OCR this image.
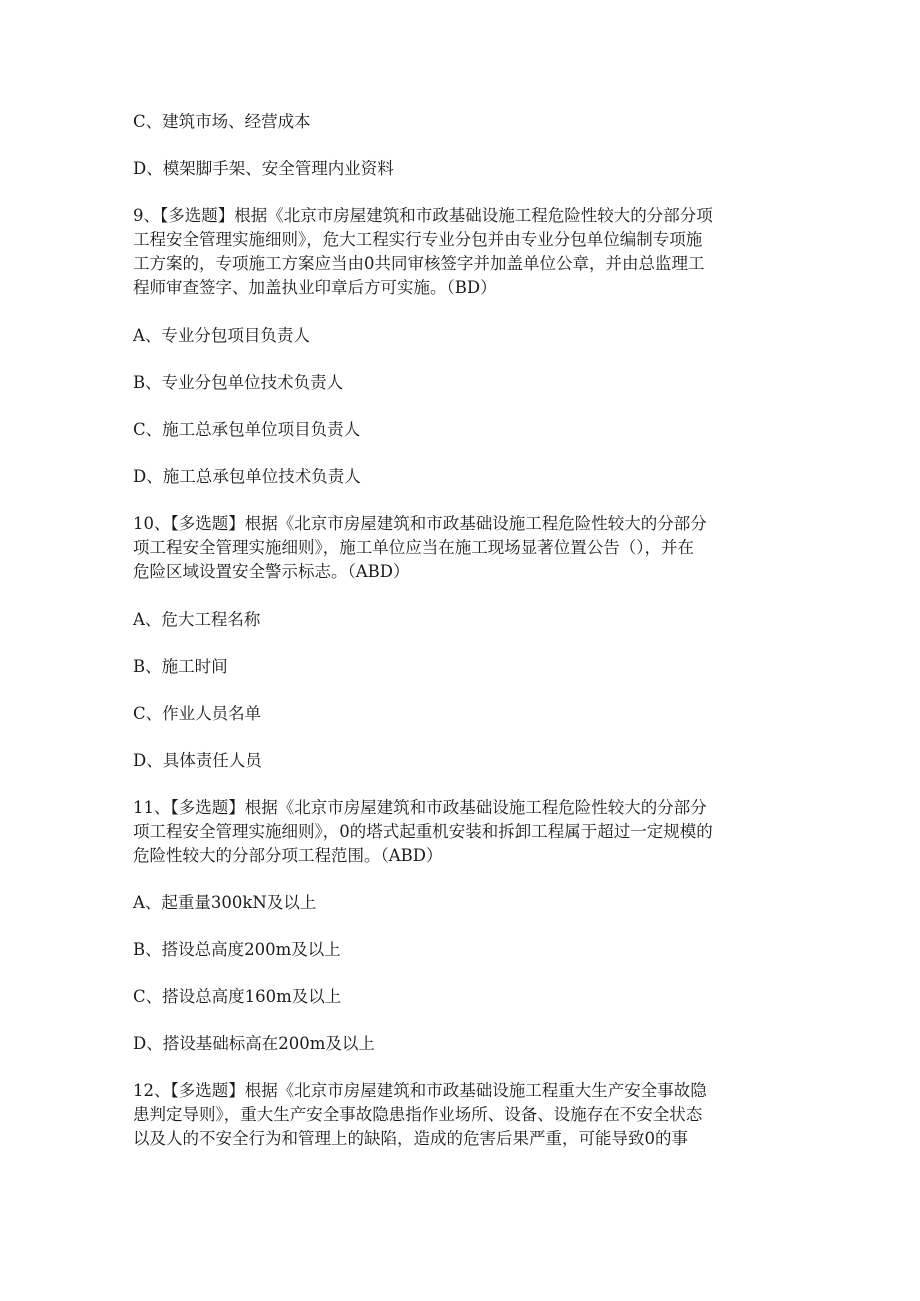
C、建筑市场、经营成本
D、模架脚手架、安全管理内业资料
9、【多选题】根据《北京市房屋建筑和市政基础设施工程危险性较大的分部分项
工程安全管理实施细则》，危大工程实行专业分包并由专业分包单位编制专项施
工方案的，专项施工方案应当由0共同审核签字并加盖单位公章，并由总监理工
程师审查签字、加盖执业印章后方可实施。（BD）
A、专业分包项目负责人
B、专业分包单位技术负责人
C、施工总承包单位项目负责人
D、施工总承包单位技术负责人
10、【多选题】根据《北京市房屋建筑和市政基础设施工程危险性较大的分部分
项工程安全管理实施细则》，施工单位应当在施工现场显著位置公告（），并在
危险区域设置安全警示标志。（ABD）
A、危大工程名称
B、施工时间
C、作业人员名单
D、具体责任人员
11、【多选题】根据《北京市房屋建筑和市政基础设施工程危险性较大的分部分
项工程安全管理实施细则》，0的塔式起重机安装和拆卸工程属于超过一定规模的
危险性较大的分部分项工程范围。（ABD）
A、起重量300kN及以上
B、搭设总高度200m及以上
C、搭设总高度160m及以上
D、搭设基础标高在200m及以上
12、【多选题】根据《北京市房屋建筑和市政基础设施工程重大生产安全事故隐
患判定导则》，重大生产安全事故隐患指作业场所、设备、设施存在不安全状态
以及人的不安全行为和管理上的缺陷，造成的危害后果严重，可能导致0的事
